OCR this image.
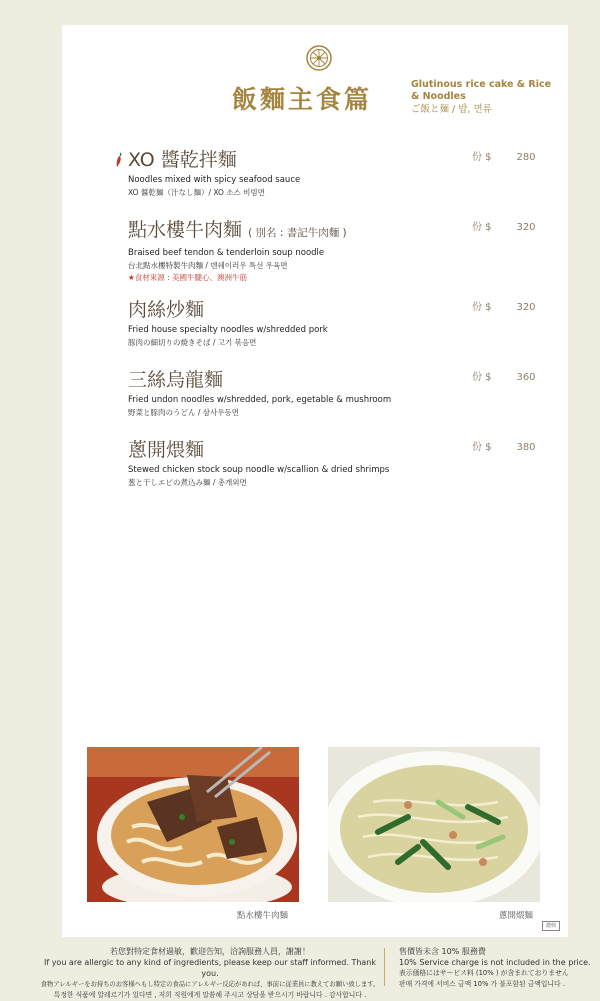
飯麵主食篇
Glutinous rice cake & Rice & Noodles
ご飯と麺 / 밥, 면류
XO 醬乾拌麵
Noodles mixed with spicy seafood sauce
XO 醤乾麺（汁なし麺）/ XO 소스 비빔면
份 $ 280
點水樓牛肉麵 ( 別名 : 書記牛肉麵 )
Braised beef tendon & tenderloin soup noodle
台北點水樓特製牛肉麵 / 뎬쉐이러우 특선 우육면
★食材來源 : 美國牛腱心、澳洲牛筋
份 $ 320
肉絲炒麵
Fried house specialty noodles w/shredded pork
豚肉の細切りの焼きそば / 고기 볶음면
份 $ 320
三絲烏龍麵
Fried undon noodles w/shredded, pork, egetable & mushroom
野菜と豚肉のうどん / 삼사우동면
份 $ 360
蔥開煨麵
Stewed chicken stock soup noodle w/scallion & dried shrimps
葱と干しエビの煮込み麺 / 총개외면
份 $ 380
點水樓牛肉麵	蔥開煨麵
濃興
若您對特定食材過敏，歡迎告知，洽詢服務人員，謝謝！
If you are allergic to any kind of ingredients, please keep our staff informed. Thank you.
食物アレルギーをお持ちのお客様へもし特定の食品にアレルギー反応があれば、事前に従業員に教えてお願い致します。
특정한 식품에 알레르기가 있다면 , 저희 직원에게 말씀해 주시고 상담을 받으시기 바랍니다 . 감사합니다 .
售價皆未含 10% 服務費
10% Service charge is not included in the price.
表示価格にはサービス料 (10% ) が含まれておりません
판매 가격에 서비스 금액 10% 가 불포함된 금액입니다 .
